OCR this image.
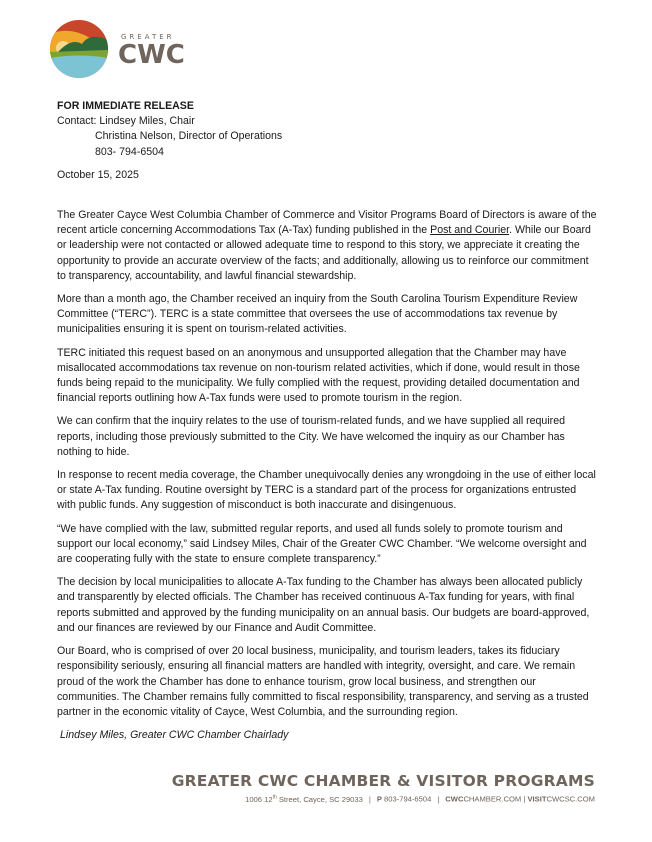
GREATER
CWC
FOR IMMEDIATE RELEASE
Contact: Lindsey Miles, Chair
Christina Nelson, Director of Operations
803- 794-6504
October 15, 2025

The Greater Cayce West Columbia Chamber of Commerce and Visitor Programs Board of Directors is aware of the recent article concerning Accommodations Tax (A-Tax) funding published in the Post and Courier. While our Board or leadership were not contacted or allowed adequate time to respond to this story, we appreciate it creating the opportunity to provide an accurate overview of the facts; and additionally, allowing us to reinforce our commitment to transparency, accountability, and lawful financial stewardship.

More than a month ago, the Chamber received an inquiry from the South Carolina Tourism Expenditure Review Committee (“TERC”). TERC is a state committee that oversees the use of accommodations tax revenue by municipalities ensuring it is spent on tourism-related activities.

TERC initiated this request based on an anonymous and unsupported allegation that the Chamber may have misallocated accommodations tax revenue on non-tourism related activities, which if done, would result in those funds being repaid to the municipality. We fully complied with the request, providing detailed documentation and financial reports outlining how A-Tax funds were used to promote tourism in the region.

We can confirm that the inquiry relates to the use of tourism-related funds, and we have supplied all required reports, including those previously submitted to the City. We have welcomed the inquiry as our Chamber has nothing to hide.

In response to recent media coverage, the Chamber unequivocally denies any wrongdoing in the use of either local or state A-Tax funding. Routine oversight by TERC is a standard part of the process for organizations entrusted with public funds. Any suggestion of misconduct is both inaccurate and disingenuous.

“We have complied with the law, submitted regular reports, and used all funds solely to promote tourism and support our local economy,” said Lindsey Miles, Chair of the Greater CWC Chamber. “We welcome oversight and are cooperating fully with the state to ensure complete transparency.”

The decision by local municipalities to allocate A-Tax funding to the Chamber has always been allocated publicly and transparently by elected officials. The Chamber has received continuous A-Tax funding for years, with final reports submitted and approved by the funding municipality on an annual basis. Our budgets are board-approved, and our finances are reviewed by our Finance and Audit Committee.

Our Board, who is comprised of over 20 local business, municipality, and tourism leaders, takes its fiduciary responsibility seriously, ensuring all financial matters are handled with integrity, oversight, and care. We remain proud of the work the Chamber has done to enhance tourism, grow local business, and strengthen our communities. The Chamber remains fully committed to fiscal responsibility, transparency, and serving as a trusted partner in the economic vitality of Cayce, West Columbia, and the surrounding region.

Lindsey Miles, Greater CWC Chamber Chairlady
GREATER CWC CHAMBER & VISITOR PROGRAMS
1006 12th Street, Cayce, SC 29033 | P 803-794-6504 | CWCCHAMBER.COM | VISITCWCSC.COM
